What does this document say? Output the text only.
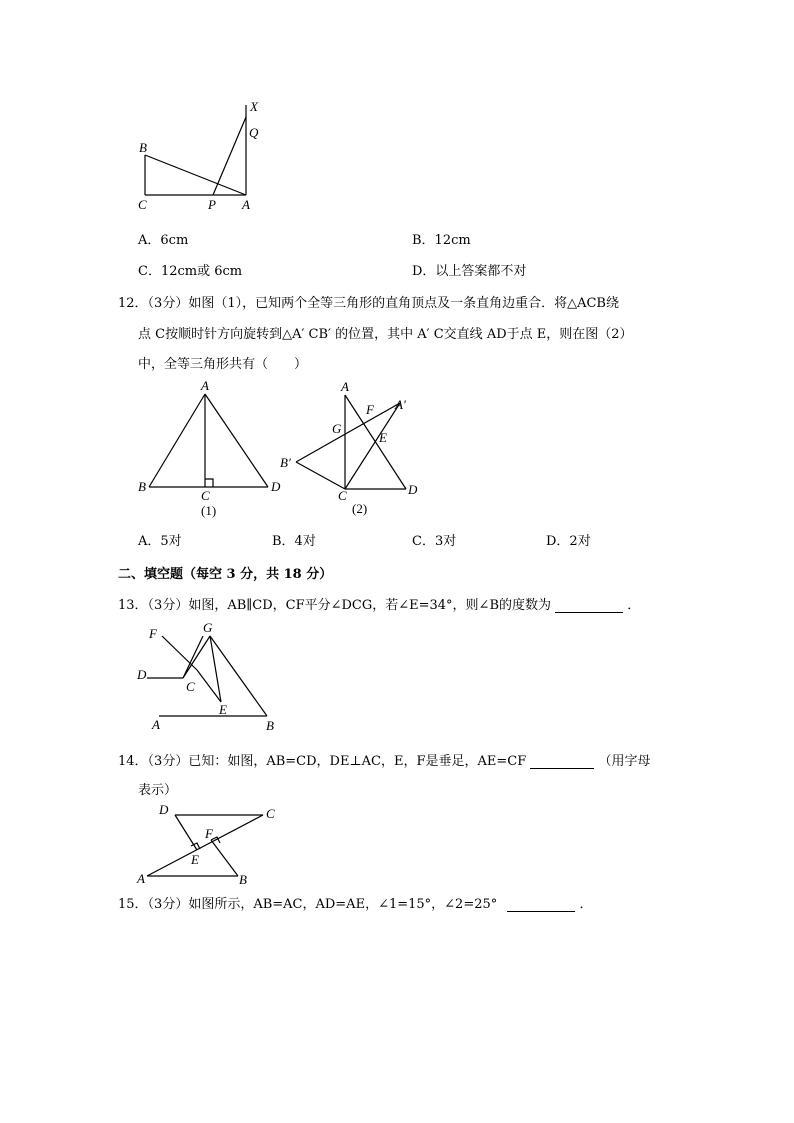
X
Q
B
C	P A
A．6cm	B．12cm
C．12cm或 6cm	D．以上答案都不对
12．（3分）如图（1），已知两个全等三角形的直角顶点及一条直角边重合．将△ACB绕
点 C按顺时针方向旋转到△A′ CB′ 的位置，其中 A′ C交直线 AD于点 E，则在图（2）
中，全等三角形共有（　　）
A
B
C
D
(1)
A
F A′
G
E
B′
C	D
(2)
A．5对	B．4对	C．3对	D．2对
二、填空题（每空 3 分，共 18 分）
13．（3分）如图，AB∥CD，CF平分∠DCG，若∠E=34°，则∠B的度数为	．
F	G
D
C
E
A	B
14．（3分）已知：如图，AB=CD，DE⊥AC，E，F是垂足，AE=CF	（用字母
表示）
D	C
F
E
A	B
15．（3分）如图所示，AB=AC，AD=AE，∠1=15°，∠2=25°	．
